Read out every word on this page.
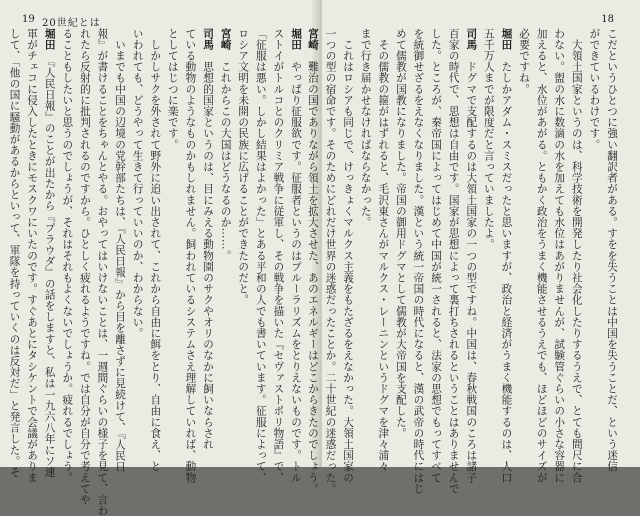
19 20世紀とは

堀田　やっぱり征服欲です。征服者というのはプルーラリズムをとりえないものです。トル

ストイがトルコとのクリミア戦争に従軍し、その戦争を描いた『セヴァストポリ物語』で、

「征服は悪い。しかし結果はよかった」とある平和の人でも書いています。征服によって、

ロシア文明を未開の民族に広げることができたのだと。

宮崎　これからこの大国はどうなるのか……。

司馬　思想的国家というのは、目にみえる動物園のサクやオリのなかに飼いならされ

ている動物のようなものかもしれません。飼われているシステムさえ理解していれば、動物

としてはじつに楽です。

　しかしサクを外されて野外に追い出されて、これから自由に餌をとり、自由に食え、と

いわれても、どうやって生きて行っていいのか、わからない。

　いまでも中国の辺境の党幹部たちは、『人民日報』から目を離さずに見続けて、『人民日

報』が書けることをちゃんとやる。おやってはいけないことは、一週間ぐらいの様子を見て、言わ

れたら反射的に批判されるのですから。ひとしく疲れるようですね。では自分が自分で考えてや

ることもしたいと思うのでしょうが、それはそれもよくないでしょうか。疲れるでしょう。

堀田　『人民日報』のことが出たから『プラウダ』の話をしますと、私は一九六八年にソ連

軍がチェコに侵入したときにモスクワにいたのです。すぐあとにタシケントで会議がありま

して、「他の国に騒動があるからといって、軍隊を持っていくのは反対だ」と発言した。そ

18

こだというひとつに強い翻訳者がある。すをを失うことは中国を失うことだ、という迷信

ができているわけです。

　大領土国家というのは、科学技術を開発したり社会化したりするうえで、とても間尺に合

わない。盥の水に数滴の水を加えても水位はあがりませんが、試験管ぐらいの小さな容器に

加えると、水位があがる。ともかく政治をうまく機能させるうえでも、ほどほどのサイズが

必要ですね。

堀田　たしかアダム・スミスだったと思いますが、政治と経済がうまく機能するのは、人口

五千万人までが限度だと言っていましたよ。

司馬　ドグマで支配するのは大領土国家の一つの型ですね。中国は、春秋戦国のころは諸子

百家の時代で、思想は自由です。国家が思想によって裏打ちされるということはありませんで

した。ところが、秦帝国によってはじめて中国が統一されると、法家の思想でもってすべて

を統御せざるをえなくなりました。漢という統一帝国の時代になると、漢の武帝の時代にはじ

めて儒教が国教になりました。帝国の御用ドグマとして儒教が大帝国を支配した。

　その儒教の箍がはずれると、毛沢東さんがマルクス・レーニンというドグマを津々浦々

まで行き届かせなければならなかった。

　これはロシアも同じで、けっきょくマルクス主義をもたざるをえなかった。大領土国家の

一つの型の宿命です。そのためにどれだけ世界の迷惑だったことか。二十世紀の迷惑だった。

宮崎　難治の国でありながら領土を拡大させた、あのエネルギーはどこからきたのでしょう。
